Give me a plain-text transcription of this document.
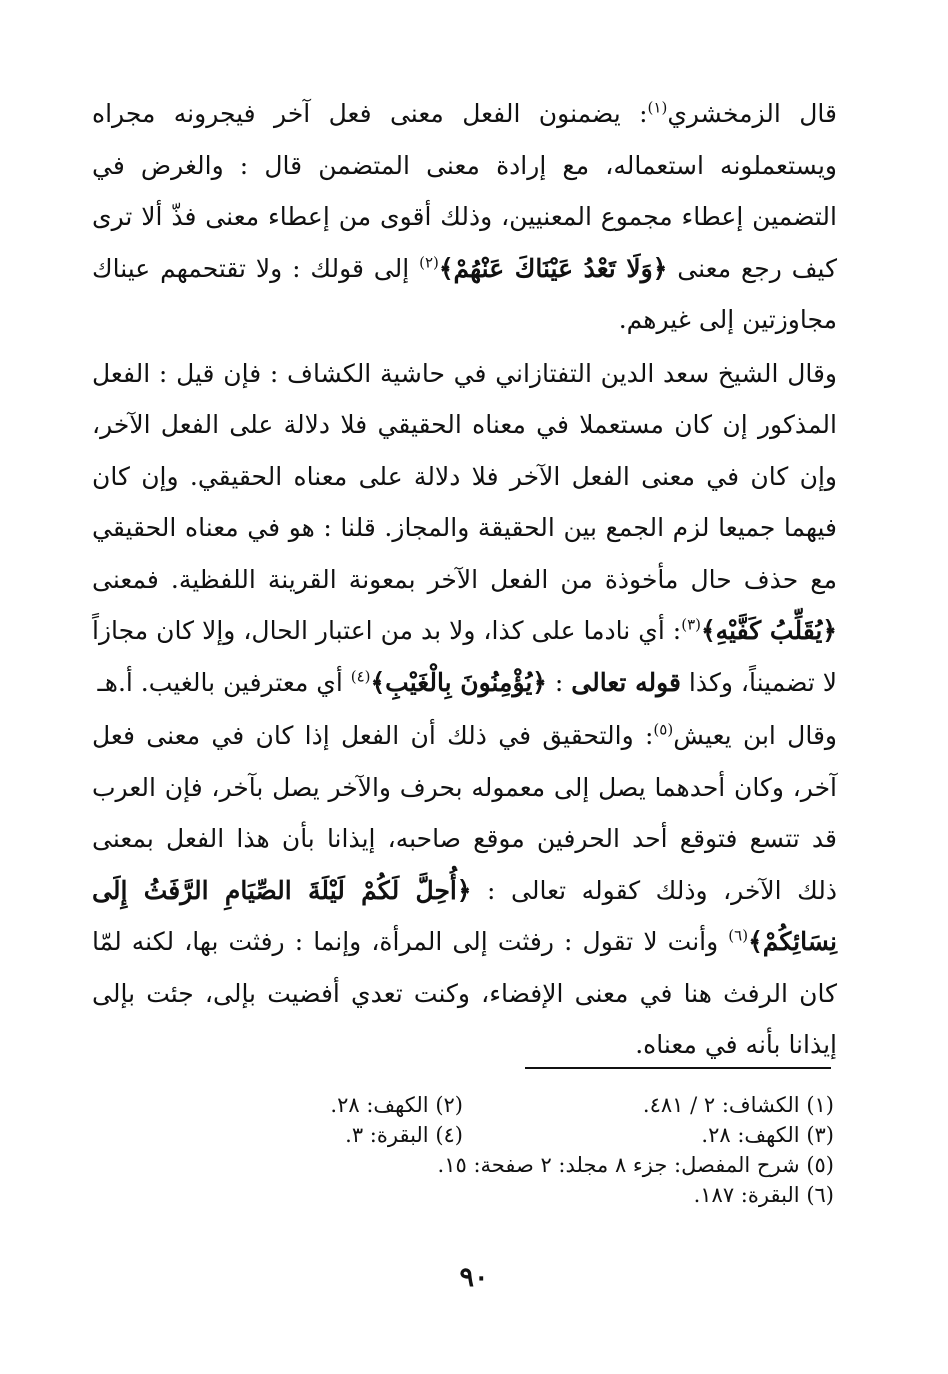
قال الزمخشري$^{(١)}$: يضمنون الفعل معنى فعل آخر فيجرونه مجراه ويستعملونه استعماله، مع إرادة معنى المتضمن قال : والغرض في التضمين إعطاء مجموع المعنيين، وذلك أقوى من إعطاء معنى فذّ ألا ترى كيف رجع معنى ﴿وَلَا تَعْدُ عَيْنَاكَ عَنْهُمْ﴾$^{(٢)}$ إلى قولك : ولا تقتحمهم عيناك مجاوزتين إلى غيرهم.

وقال الشيخ سعد الدين التفتازاني في حاشية الكشاف : فإن قيل : الفعل المذكور إن كان مستعملا في معناه الحقيقي فلا دلالة على الفعل الآخر، وإن كان في معنى الفعل الآخر فلا دلالة على معناه الحقيقي. وإن كان فيهما جميعا لزم الجمع بين الحقيقة والمجاز. قلنا : هو في معناه الحقيقي مع حذف حال مأخوذة من الفعل الآخر بمعونة القرينة اللفظية. فمعنى ﴿يُقَلِّبُ كَفَّيْهِ﴾$^{(٣)}$: أي نادما على كذا، ولا بد من اعتبار الحال، وإلا كان مجازاً لا تضميناً، وكذا قوله تعالى : ﴿يُؤْمِنُونَ بِالْغَيْبِ﴾$^{(٤)}$ أي معترفين بالغيب. أ.هـ

وقال ابن يعيش$^{(٥)}$: والتحقيق في ذلك أن الفعل إذا كان في معنى فعل آخر، وكان أحدهما يصل إلى معموله بحرف والآخر يصل بآخر، فإن العرب قد تتسع فتوقع أحد الحرفين موقع صاحبه، إيذانا بأن هذا الفعل بمعنى ذلك الآخر، وذلك كقوله تعالى : ﴿أُحِلَّ لَكُمْ لَيْلَةَ الصِّيَامِ الرَّفَثُ إِلَى نِسَائِكُمْ﴾$^{(٦)}$ وأنت لا تقول : رفثت إلى المرأة، وإنما : رفثت بها، لكنه لمّا كان الرفث هنا في معنى الإفضاء، وكنت تعدي أفضيت بإلى، جئت بإلى إيذانا بأنه في معناه.

(١) الكشاف: ٢ / ٤٨١.
(٢) الكهف: ٢٨.
(٣) الكهف: ٢٨.
(٤) البقرة: ٣.
(٥) شرح المفصل: جزء ٨ مجلد: ٢ صفحة: ١٥.
(٦) البقرة: ١٨٧.
٩٠
